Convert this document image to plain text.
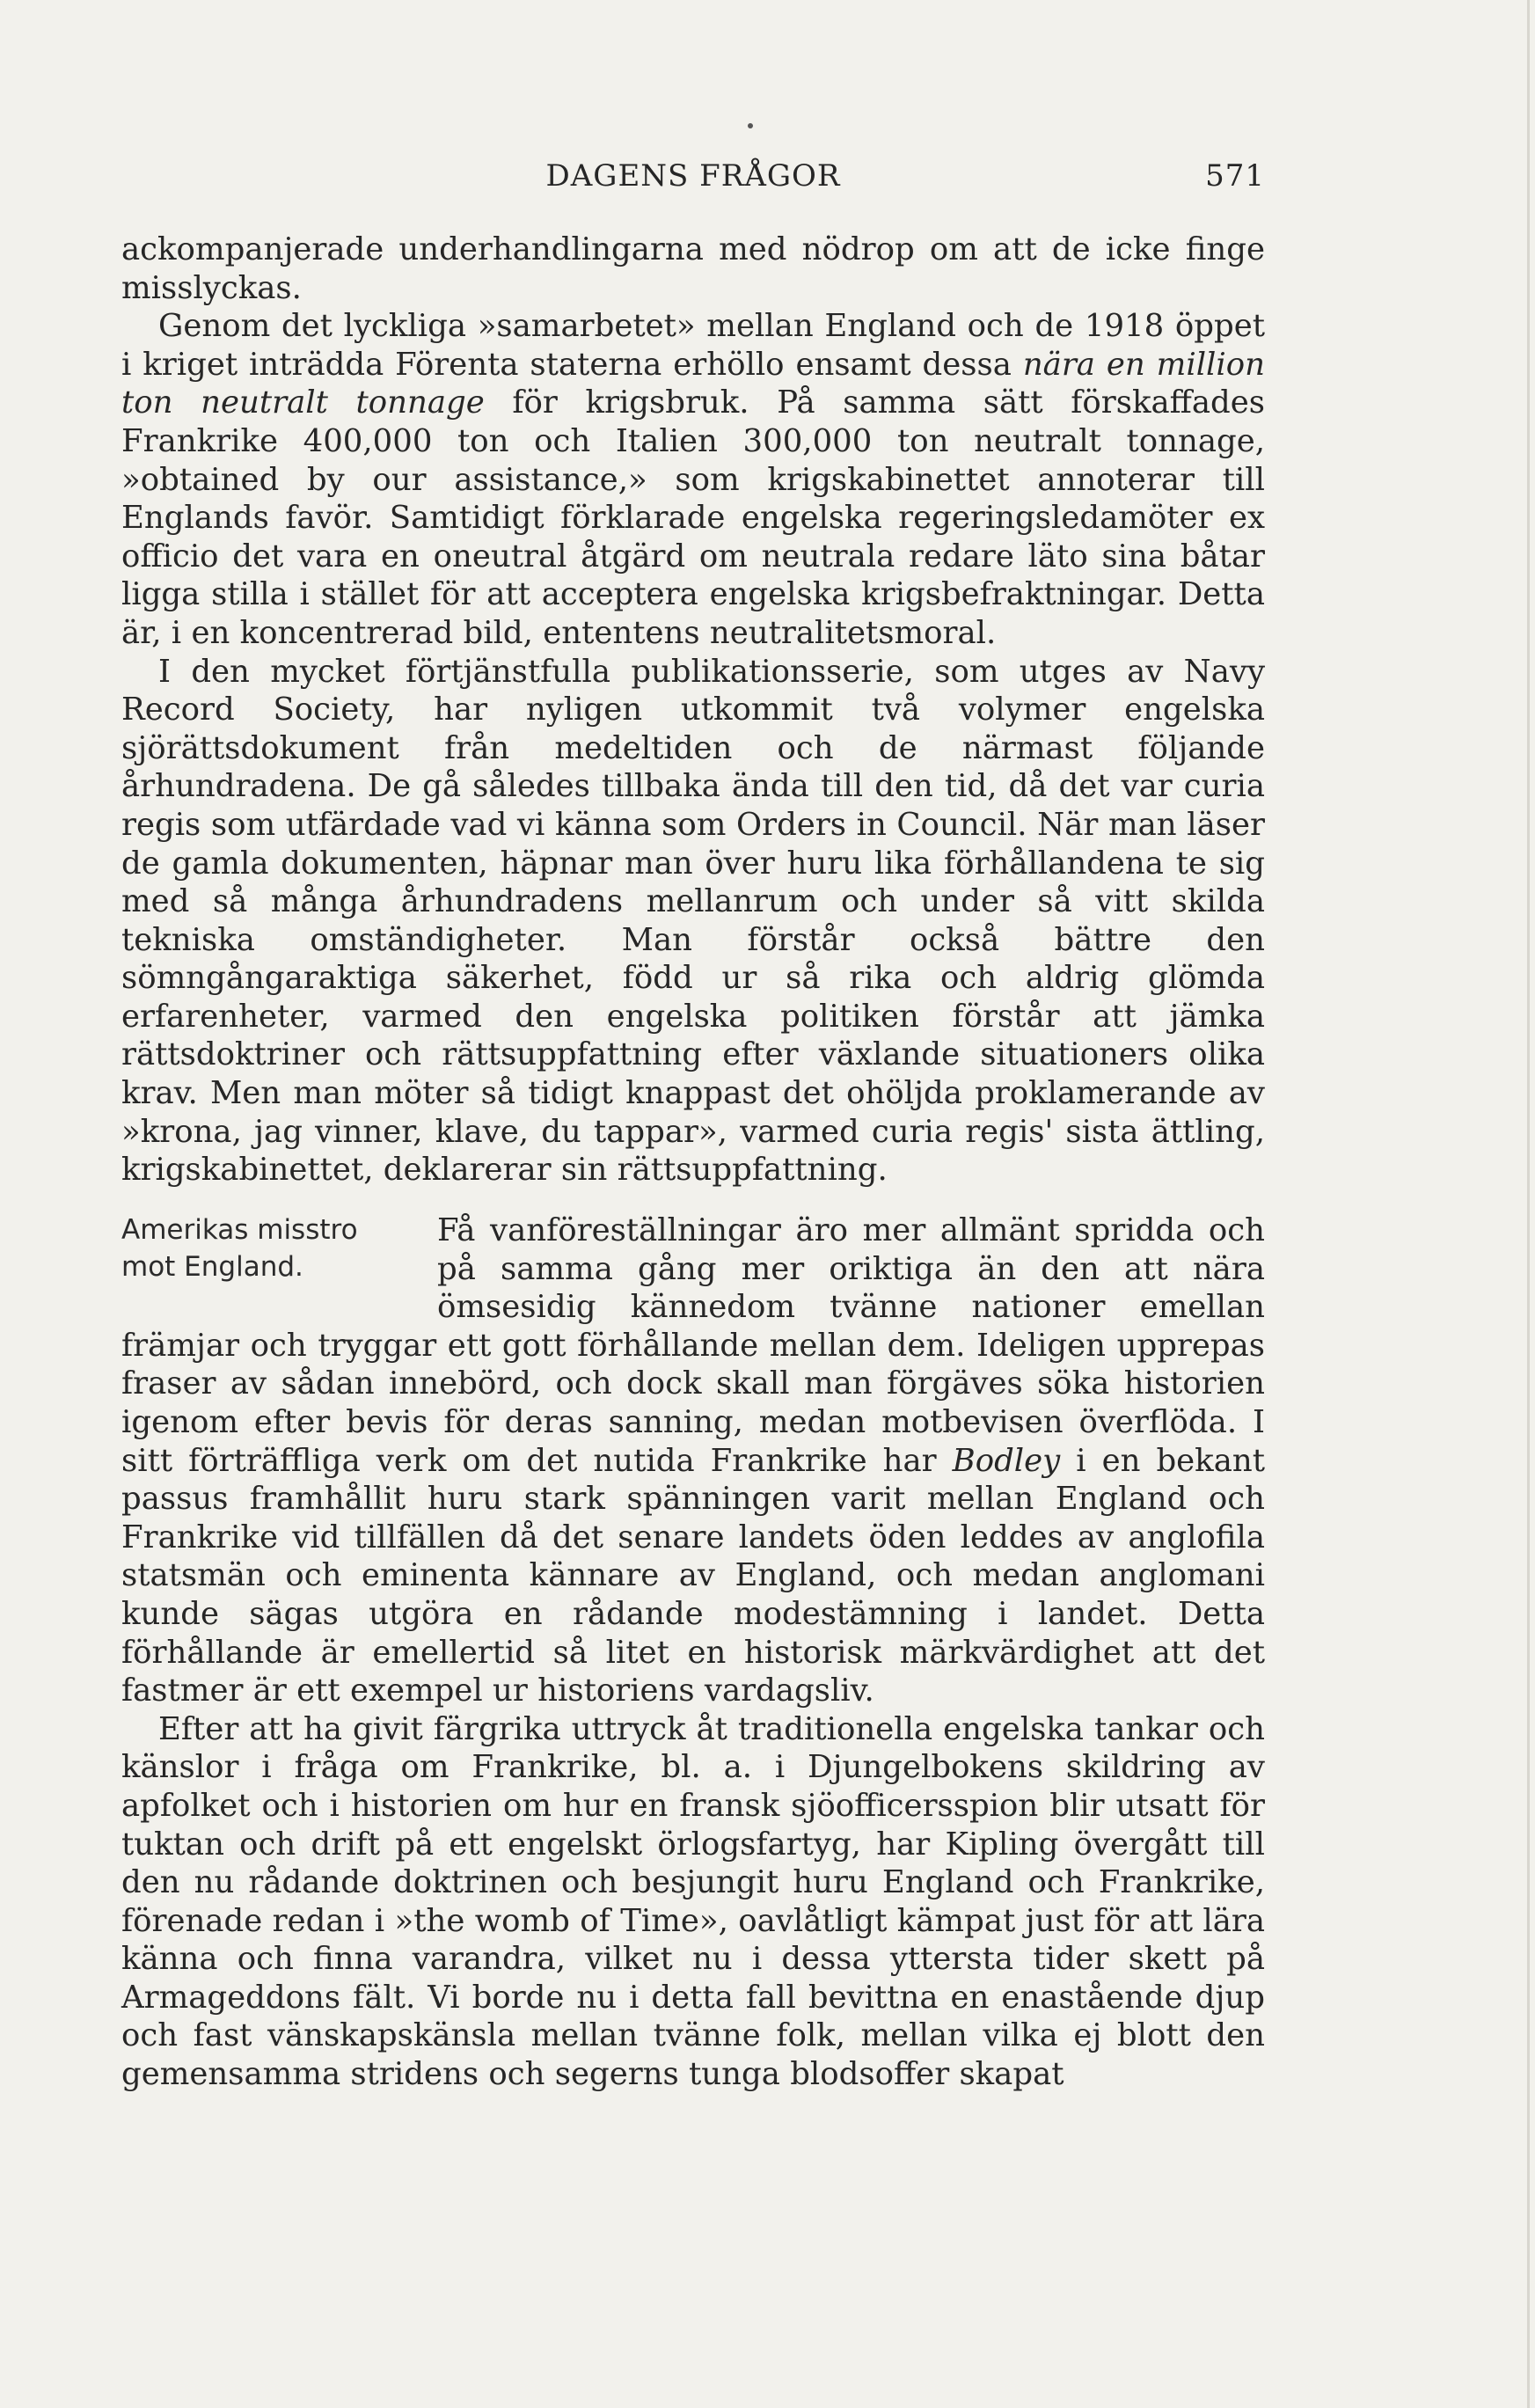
DAGENS FRÅGOR	571

ackompanjerade underhandlingarna med nödrop om att de icke finge misslyckas.

Genom det lyckliga »samarbetet» mellan England och de 1918 öppet i kriget inträdda Förenta staterna erhöllo ensamt dessa nära en million ton neutralt tonnage för krigsbruk. På samma sätt förskaffades Frankrike 400,000 ton och Italien 300,000 ton neutralt tonnage, »obtained by our assistance,» som krigskabinettet annoterar till Englands favör. Samtidigt förklarade engelska regeringsledamöter ex officio det vara en oneutral åtgärd om neutrala redare läto sina båtar ligga stilla i stället för att acceptera engelska krigsbefraktningar. Detta är, i en koncentrerad bild, ententens neutralitetsmoral.

I den mycket förtjänstfulla publikationsserie, som utges av Navy Record Society, har nyligen utkommit två volymer engelska sjörättsdokument från medeltiden och de närmast följande århundradena. De gå således tillbaka ända till den tid, då det var curia regis som utfärdade vad vi känna som Orders in Council. När man läser de gamla dokumenten, häpnar man över huru lika förhållandena te sig med så många århundradens mellanrum och under så vitt skilda tekniska omständigheter. Man förstår också bättre den sömngångaraktiga säkerhet, född ur så rika och aldrig glömda erfarenheter, varmed den engelska politiken förstår att jämka rättsdoktriner och rättsuppfattning efter växlande situationers olika krav. Men man möter så tidigt knappast det ohöljda proklamerande av »krona, jag vinner, klave, du tappar», varmed curia regis' sista ättling, krigskabinettet, deklarerar sin rättsuppfattning.

Amerikas misstro
mot England.

Få vanföreställningar äro mer allmänt spridda och på samma gång mer oriktiga än den att nära ömsesidig kännedom tvänne nationer emellan främjar och tryggar ett gott förhållande mellan dem. Ideligen upprepas fraser av sådan innebörd, och dock skall man förgäves söka historien igenom efter bevis för deras sanning, medan motbevisen överflöda. I sitt förträffliga verk om det nutida Frankrike har Bodley i en bekant passus framhållit huru stark spänningen varit mellan England och Frankrike vid tillfällen då det senare landets öden leddes av anglofila statsmän och eminenta kännare av England, och medan anglomani kunde sägas utgöra en rådande modestämning i landet. Detta förhållande är emellertid så litet en historisk märkvärdighet att det fastmer är ett exempel ur historiens vardagsliv.

Efter att ha givit färgrika uttryck åt traditionella engelska tankar och känslor i fråga om Frankrike, bl. a. i Djungelbokens skildring av apfolket och i historien om hur en fransk sjöofficersspion blir utsatt för tuktan och drift på ett engelskt örlogsfartyg, har Kipling övergått till den nu rådande doktrinen och besjungit huru England och Frankrike, förenade redan i »the womb of Time», oavlåtligt kämpat just för att lära känna och finna varandra, vilket nu i dessa yttersta tider skett på Armageddons fält. Vi borde nu i detta fall bevittna en enastående djup och fast vänskapskänsla mellan tvänne folk, mellan vilka ej blott den gemensamma stridens och segerns tunga blodsoffer skapat
